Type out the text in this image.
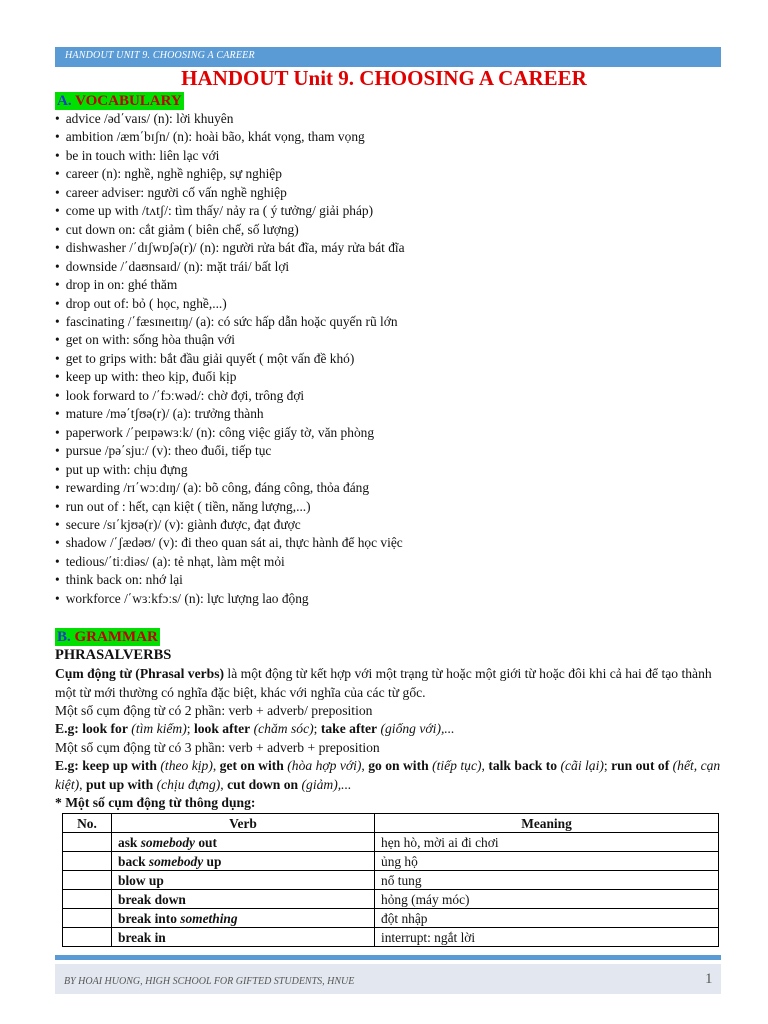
HANDOUT UNIT 9. CHOOSING A CAREER
HANDOUT Unit 9. CHOOSING A CAREER
A. VOCABULARY
• advice /əd΄vaɪs/ (n): lời khuyên
• ambition /æm΄bɪʃn/ (n): hoài bão, khát vọng, tham vọng
• be in touch with: liên lạc với
• career (n): nghề, nghề nghiệp, sự nghiệp
• career adviser: người cố vấn nghề nghiệp
• come up with /tʌtʃ/: tìm thấy/ nảy ra ( ý tưởng/ giải pháp)
• cut down on: cắt giảm ( biên chế, số lượng)
• dishwasher /΄dɪʃwɒʃə(r)/ (n): người rửa bát đĩa, máy rửa bát đĩa
• downside /΄daʊnsaɪd/ (n): mặt trái/ bất lợi
• drop in on: ghé thăm
• drop out of: bỏ ( học, nghề,...)
• fascinating /΄fæsɪneɪtɪŋ/ (a): có sức hấp dẫn hoặc quyến rũ lớn
• get on with: sống hòa thuận với
• get to grips with: bắt đầu giải quyết ( một vấn đề khó)
• keep up with: theo kịp, đuổi kịp
• look forward to /΄fɔːwəd/: chờ đợi, trông đợi
• mature /mə΄tʃʊə(r)/ (a): trưởng thành
• paperwork /΄peɪpəwɜːk/ (n): công việc giấy tờ, văn phòng
• pursue /pə΄sjuː/ (v): theo đuổi, tiếp tục
• put up with: chịu đựng
• rewarding /rɪ΄wɔːdɪŋ/ (a): bõ công, đáng công, thỏa đáng
• run out of : hết, cạn kiệt ( tiền, năng lượng,...)
• secure /sɪ΄kjʊə(r)/ (v): giành được, đạt được
• shadow /΄ʃædəʊ/ (v): đi theo quan sát ai, thực hành để học việc
• tedious/΄tiːdiəs/ (a): tẻ nhạt, làm mệt mỏi
• think back on: nhớ lại
• workforce /΄wɜːkfɔːs/ (n): lực lượng lao động
B. GRAMMAR
PHRASALVERBS
Cụm động từ (Phrasal verbs) là một động từ kết hợp với một trạng từ hoặc một giới từ hoặc đôi khi cả hai để tạo thành một từ mới thường có nghĩa đặc biệt, khác với nghĩa của các từ gốc.
Một số cụm động từ có 2 phần: verb + adverb/ preposition
E.g: look for (tìm kiếm); look after (chăm sóc); take after (giống với),...
Một số cụm động từ có 3 phần: verb + adverb + preposition
E.g: keep up with (theo kịp), get on with (hòa hợp với), go on with (tiếp tục), talk back to (cãi lại); run out of (hết, cạn kiệt), put up with (chịu đựng), cut down on (giảm),...
* Một số cụm động từ thông dụng:
No.	Verb	Meaning
	ask somebody out	hẹn hò, mời ai đi chơi
	back somebody up	ủng hộ
	blow up	nổ tung
	break down	hỏng (máy móc)
	break into something	đột nhập
	break in	interrupt: ngắt lời
BY HOAI HUONG, HIGH SCHOOL FOR GIFTED STUDENTS, HNUE	1
